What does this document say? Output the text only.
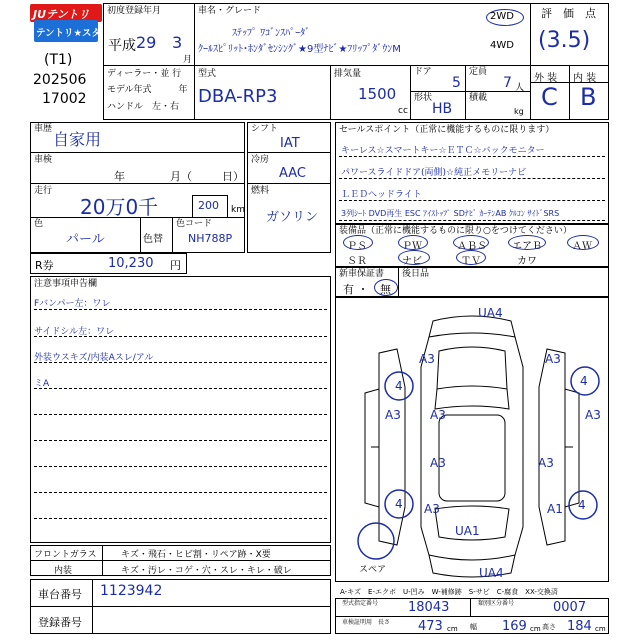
JUテントリ
テントリ★スター
(T1)
202506
17002
初度登録年月
平成 29 3
月
車名・グレード
ｽﾃｯﾌﾟ ﾜｺﾞﾝｽﾊﾟｰﾀﾞ
ｸｰﾙｽﾋﾟﾘｯﾄ･ﾎﾝﾀﾞｾﾝｼﾝｸﾞ★9型ﾅﾋﾞ★ﾌﾘｯﾌﾟﾀﾞｳﾝM
2WD
4WD
評　価　点
(3.5)
外 装 内 装
C B
ディーラー・並 行
モデル年式　　　年
ハンドル　左・右
型式
DBA-RP3
排気量
1500
cc
ドア
5
定員
7 人
形状
HB
積載
kg
車歴
自家用
車検
年	月（	日）
走行
20万0千	200 km
色
パール	色替
色コード
NH788P
シフト
IAT
冷房
AAC
燃料
ガソリン
R券	10,230 円
注意事項申告欄
Fバンパー左：ワレ
サイドシル左：ワレ
外装ウスキズ/内装Aスレ/アル
ミA
フロントガラス	キズ・飛石・ヒビ割・リペア跡・X要
内装	キズ・汚レ・コゲ・穴・スレ・キレ・破レ
車台番号 1123942
登録番号
セールスポイント（正常に機能するものに限ります）
キーレス☆スマートキー☆ＥＴＣ☆バックモニター
パワースライドドア(両側)☆純正メモリーナビ
ＬＥＤヘッドライト
3列ｼｰﾄ DVD再生 ESC ｱｲｽﾄｯﾌﾟ SDﾅﾋﾞ ｶｰﾃﾝAB ｸﾙｺﾝ ｻｲﾄﾞSRS
装備品（正常に機能するものに限り○をつけてください）
ＰＳ	ＰＷ	ＡＢＳ	エアＢ	ＡＷ
ＳＲ	ナビ	ＴＶ	カワ
新車保証書
有 ・ 無
後日品
UA4
A3	A3
4	4
A3 A3	A3
A3	A3
4 A3	A1 4
UA1
UA4
スペア
A-キズ　E-エクボ　U-凹み　W-補修跡　S-サビ　C-腐食　XX-交換済
型式指定番号 18043	類別区分番号	0007
車検証明用　長さ 473 cm 幅 169 cm 高さ 184 cm
